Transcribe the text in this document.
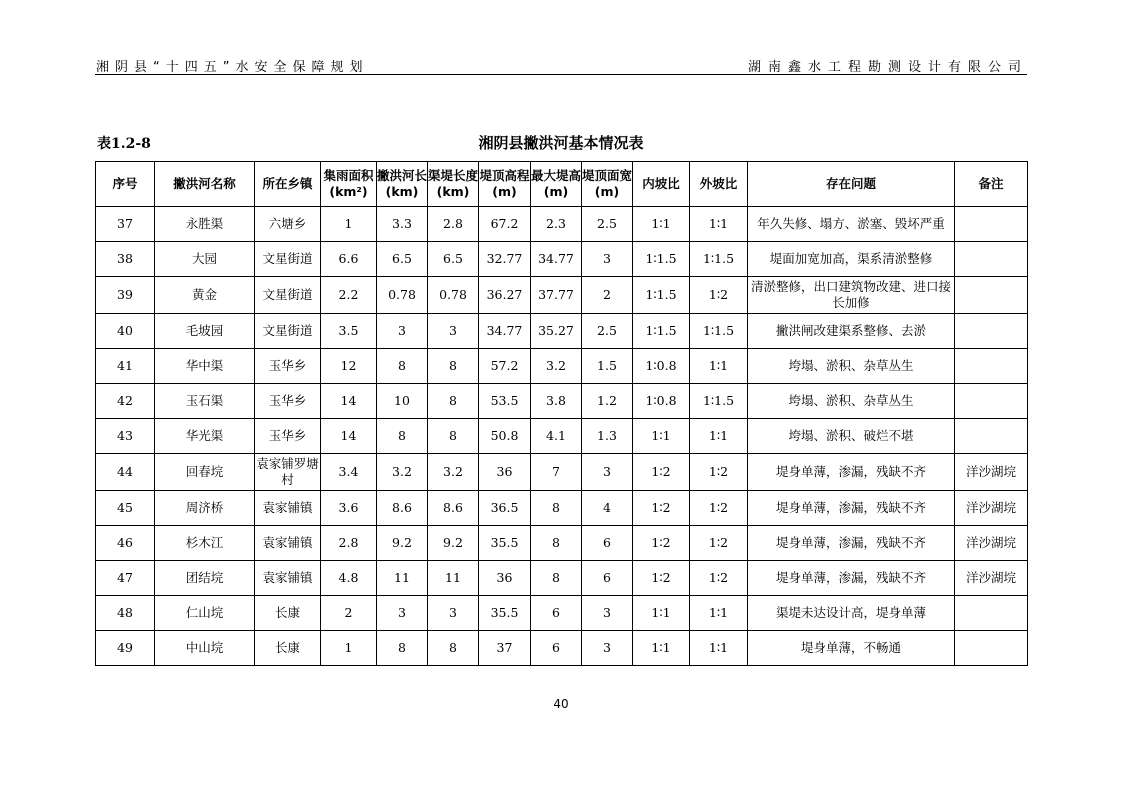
湘阴县“十四五”水安全保障规划	湖南鑫水工程勘测设计有限公司
表1.2-8	湘阴县撇洪河基本情况表
序号	撇洪河名称	所在乡镇	集雨面积(km²)	撇洪河长(km)	渠堤长度(km)	堤顶高程(m)	最大堤高(m)	堤顶面宽(m)	内坡比	外坡比	存在问题	备注
37	永胜渠	六塘乡	1	3.3	2.8	67.2	2.3	2.5	1∶1	1∶1	年久失修、塌方、淤塞、毁坏严重	
38	大园	文星街道	6.6	6.5	6.5	32.77	34.77	3	1∶1.5	1∶1.5	堤面加宽加高，渠系清淤整修	
39	黄金	文星街道	2.2	0.78	0.78	36.27	37.77	2	1∶1.5	1∶2	清淤整修，出口建筑物改建、进口接长加修	
40	毛坡园	文星街道	3.5	3	3	34.77	35.27	2.5	1∶1.5	1∶1.5	撇洪闸改建渠系整修、去淤	
41	华中渠	玉华乡	12	8	8	57.2	3.2	1.5	1∶0.8	1∶1	垮塌、淤积、杂草丛生	
42	玉石渠	玉华乡	14	10	8	53.5	3.8	1.2	1∶0.8	1∶1.5	垮塌、淤积、杂草丛生	
43	华光渠	玉华乡	14	8	8	50.8	4.1	1.3	1∶1	1∶1	垮塌、淤积、破烂不堪	
44	回春垸	袁家铺罗塘村	3.4	3.2	3.2	36	7	3	1∶2	1∶2	堤身单薄，渗漏，残缺不齐	洋沙湖垸
45	周济桥	袁家铺镇	3.6	8.6	8.6	36.5	8	4	1∶2	1∶2	堤身单薄，渗漏，残缺不齐	洋沙湖垸
46	杉木江	袁家铺镇	2.8	9.2	9.2	35.5	8	6	1∶2	1∶2	堤身单薄，渗漏，残缺不齐	洋沙湖垸
47	团结垸	袁家铺镇	4.8	11	11	36	8	6	1∶2	1∶2	堤身单薄，渗漏，残缺不齐	洋沙湖垸
48	仁山垸	长康	2	3	3	35.5	6	3	1∶1	1∶1	渠堤未达设计高，堤身单薄	
49	中山垸	长康	1	8	8	37	6	3	1∶1	1∶1	堤身单薄，不畅通	
40
